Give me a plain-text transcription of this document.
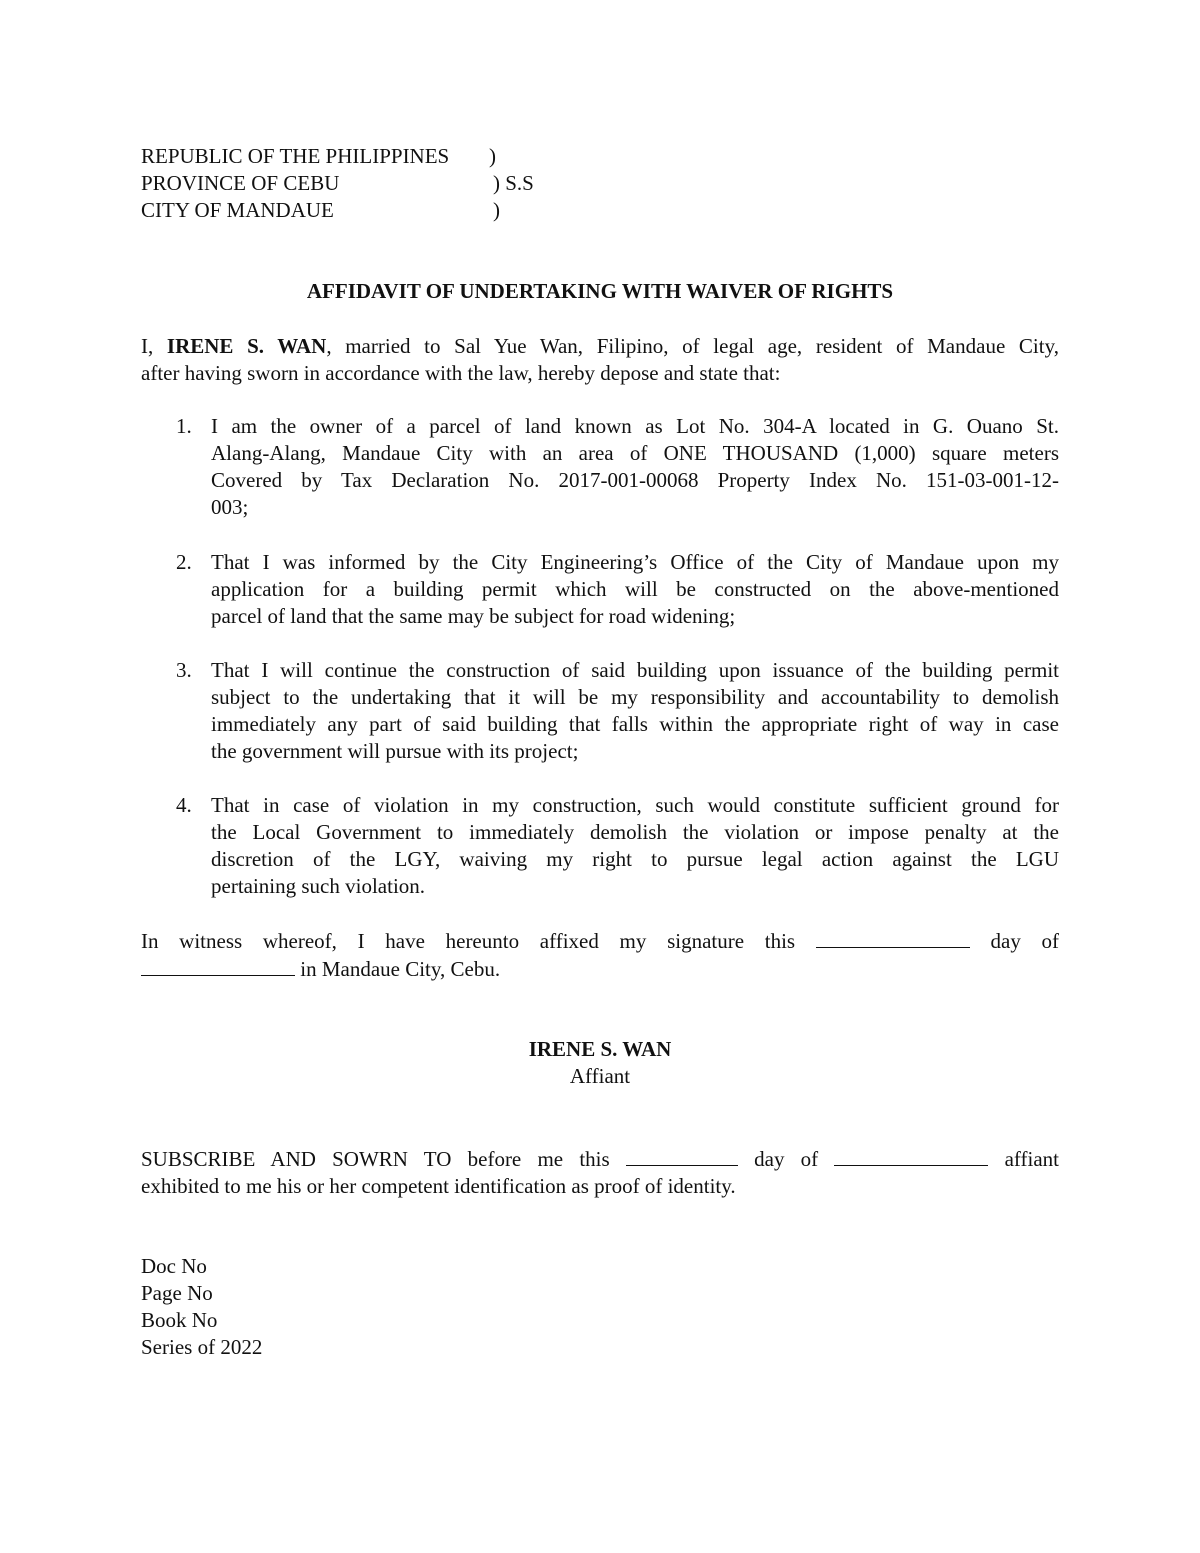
REPUBLIC OF THE PHILIPPINES )
PROVINCE OF CEBU	) S.S
CITY OF MANDAUE	)
AFFIDAVIT OF UNDERTAKING WITH WAIVER OF RIGHTS
I, IRENE S. WAN, married to Sal Yue Wan, Filipino, of legal age, resident of Mandaue City,
after having sworn in accordance with the law, hereby depose and state that:
1. I am the owner of a parcel of land known as Lot No. 304-A located in G. Ouano St.
Alang-Alang, Mandaue City with an area of ONE THOUSAND (1,000) square meters
Covered by Tax Declaration No. 2017-001-00068 Property Index No. 151-03-001-12-
003;
2. That I was informed by the City Engineering’s Office of the City of Mandaue upon my
application for a building permit which will be constructed on the above-mentioned
parcel of land that the same may be subject for road widening;
3. That I will continue the construction of said building upon issuance of the building permit
subject to the undertaking that it will be my responsibility and accountability to demolish
immediately any part of said building that falls within the appropriate right of way in case
the government will pursue with its project;
4. That in case of violation in my construction, such would constitute sufficient ground for
the Local Government to immediately demolish the violation or impose penalty at the
discretion of the LGY, waiving my right to pursue legal action against the LGU
pertaining such violation.
In witness whereof, I have hereunto affixed my signature this	day of
in Mandaue City, Cebu.
IRENE S. WAN
Affiant
SUBSCRIBE AND SOWRN TO before me this	day of	affiant
exhibited to me his or her competent identification as proof of identity.
Doc No
Page No
Book No
Series of 2022
